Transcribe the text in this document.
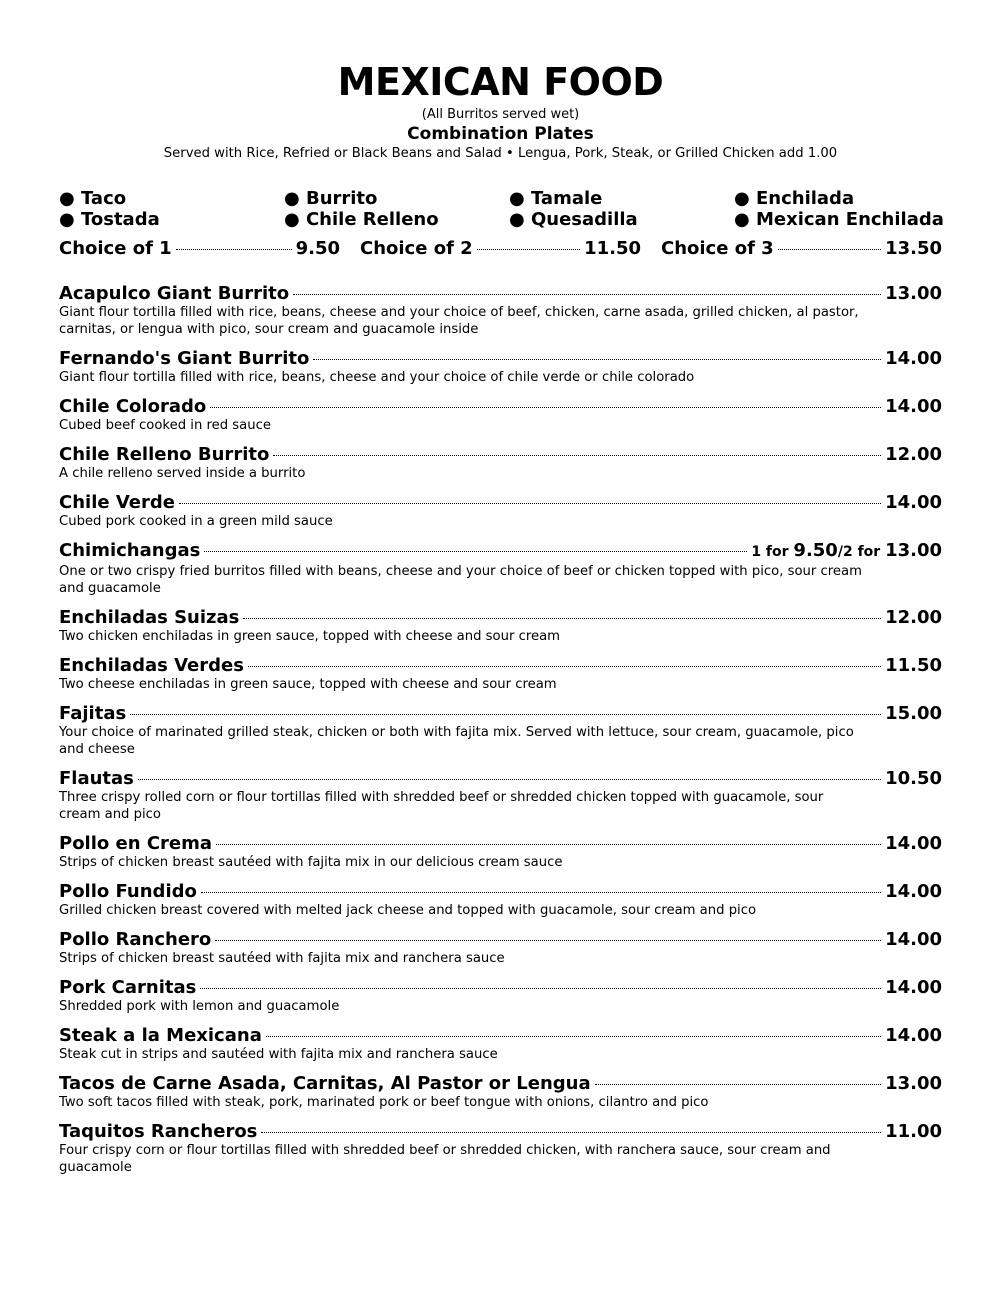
MEXICAN FOOD
(All Burritos served wet)
Combination Plates
Served with Rice, Refried or Black Beans and Salad • Lengua, Pork, Steak, or Grilled Chicken add 1.00
● Taco	● Burrito	● Tamale	● Enchilada
● Tostada	● Chile Relleno	● Quesadilla	● Mexican Enchilada
Choice of 1	9.50 Choice of 2	11.50 Choice of 3	13.50
Acapulco Giant Burrito	13.00
Giant flour tortilla filled with rice, beans, cheese and your choice of beef, chicken, carne asada, grilled chicken, al pastor, carnitas, or lengua with pico, sour cream and guacamole inside
Fernando's Giant Burrito	14.00
Giant flour tortilla filled with rice, beans, cheese and your choice of chile verde or chile colorado
Chile Colorado	14.00
Cubed beef cooked in red sauce
Chile Relleno Burrito	12.00
A chile relleno served inside a burrito
Chile Verde	14.00
Cubed pork cooked in a green mild sauce
Chimichangas	1 for 9.50/2 for 13.00
One or two crispy fried burritos filled with beans, cheese and your choice of beef or chicken topped with pico, sour cream and guacamole
Enchiladas Suizas	12.00
Two chicken enchiladas in green sauce, topped with cheese and sour cream
Enchiladas Verdes	11.50
Two cheese enchiladas in green sauce, topped with cheese and sour cream
Fajitas	15.00
Your choice of marinated grilled steak, chicken or both with fajita mix. Served with lettuce, sour cream, guacamole, pico and cheese
Flautas	10.50
Three crispy rolled corn or flour tortillas filled with shredded beef or shredded chicken topped with guacamole, sour cream and pico
Pollo en Crema	14.00
Strips of chicken breast sautéed with fajita mix in our delicious cream sauce
Pollo Fundido	14.00
Grilled chicken breast covered with melted jack cheese and topped with guacamole, sour cream and pico
Pollo Ranchero	14.00
Strips of chicken breast sautéed with fajita mix and ranchera sauce
Pork Carnitas	14.00
Shredded pork with lemon and guacamole
Steak a la Mexicana	14.00
Steak cut in strips and sautéed with fajita mix and ranchera sauce
Tacos de Carne Asada, Carnitas, Al Pastor or Lengua	13.00
Two soft tacos filled with steak, pork, marinated pork or beef tongue with onions, cilantro and pico
Taquitos Rancheros	11.00
Four crispy corn or flour tortillas filled with shredded beef or shredded chicken, with ranchera sauce, sour cream and guacamole
